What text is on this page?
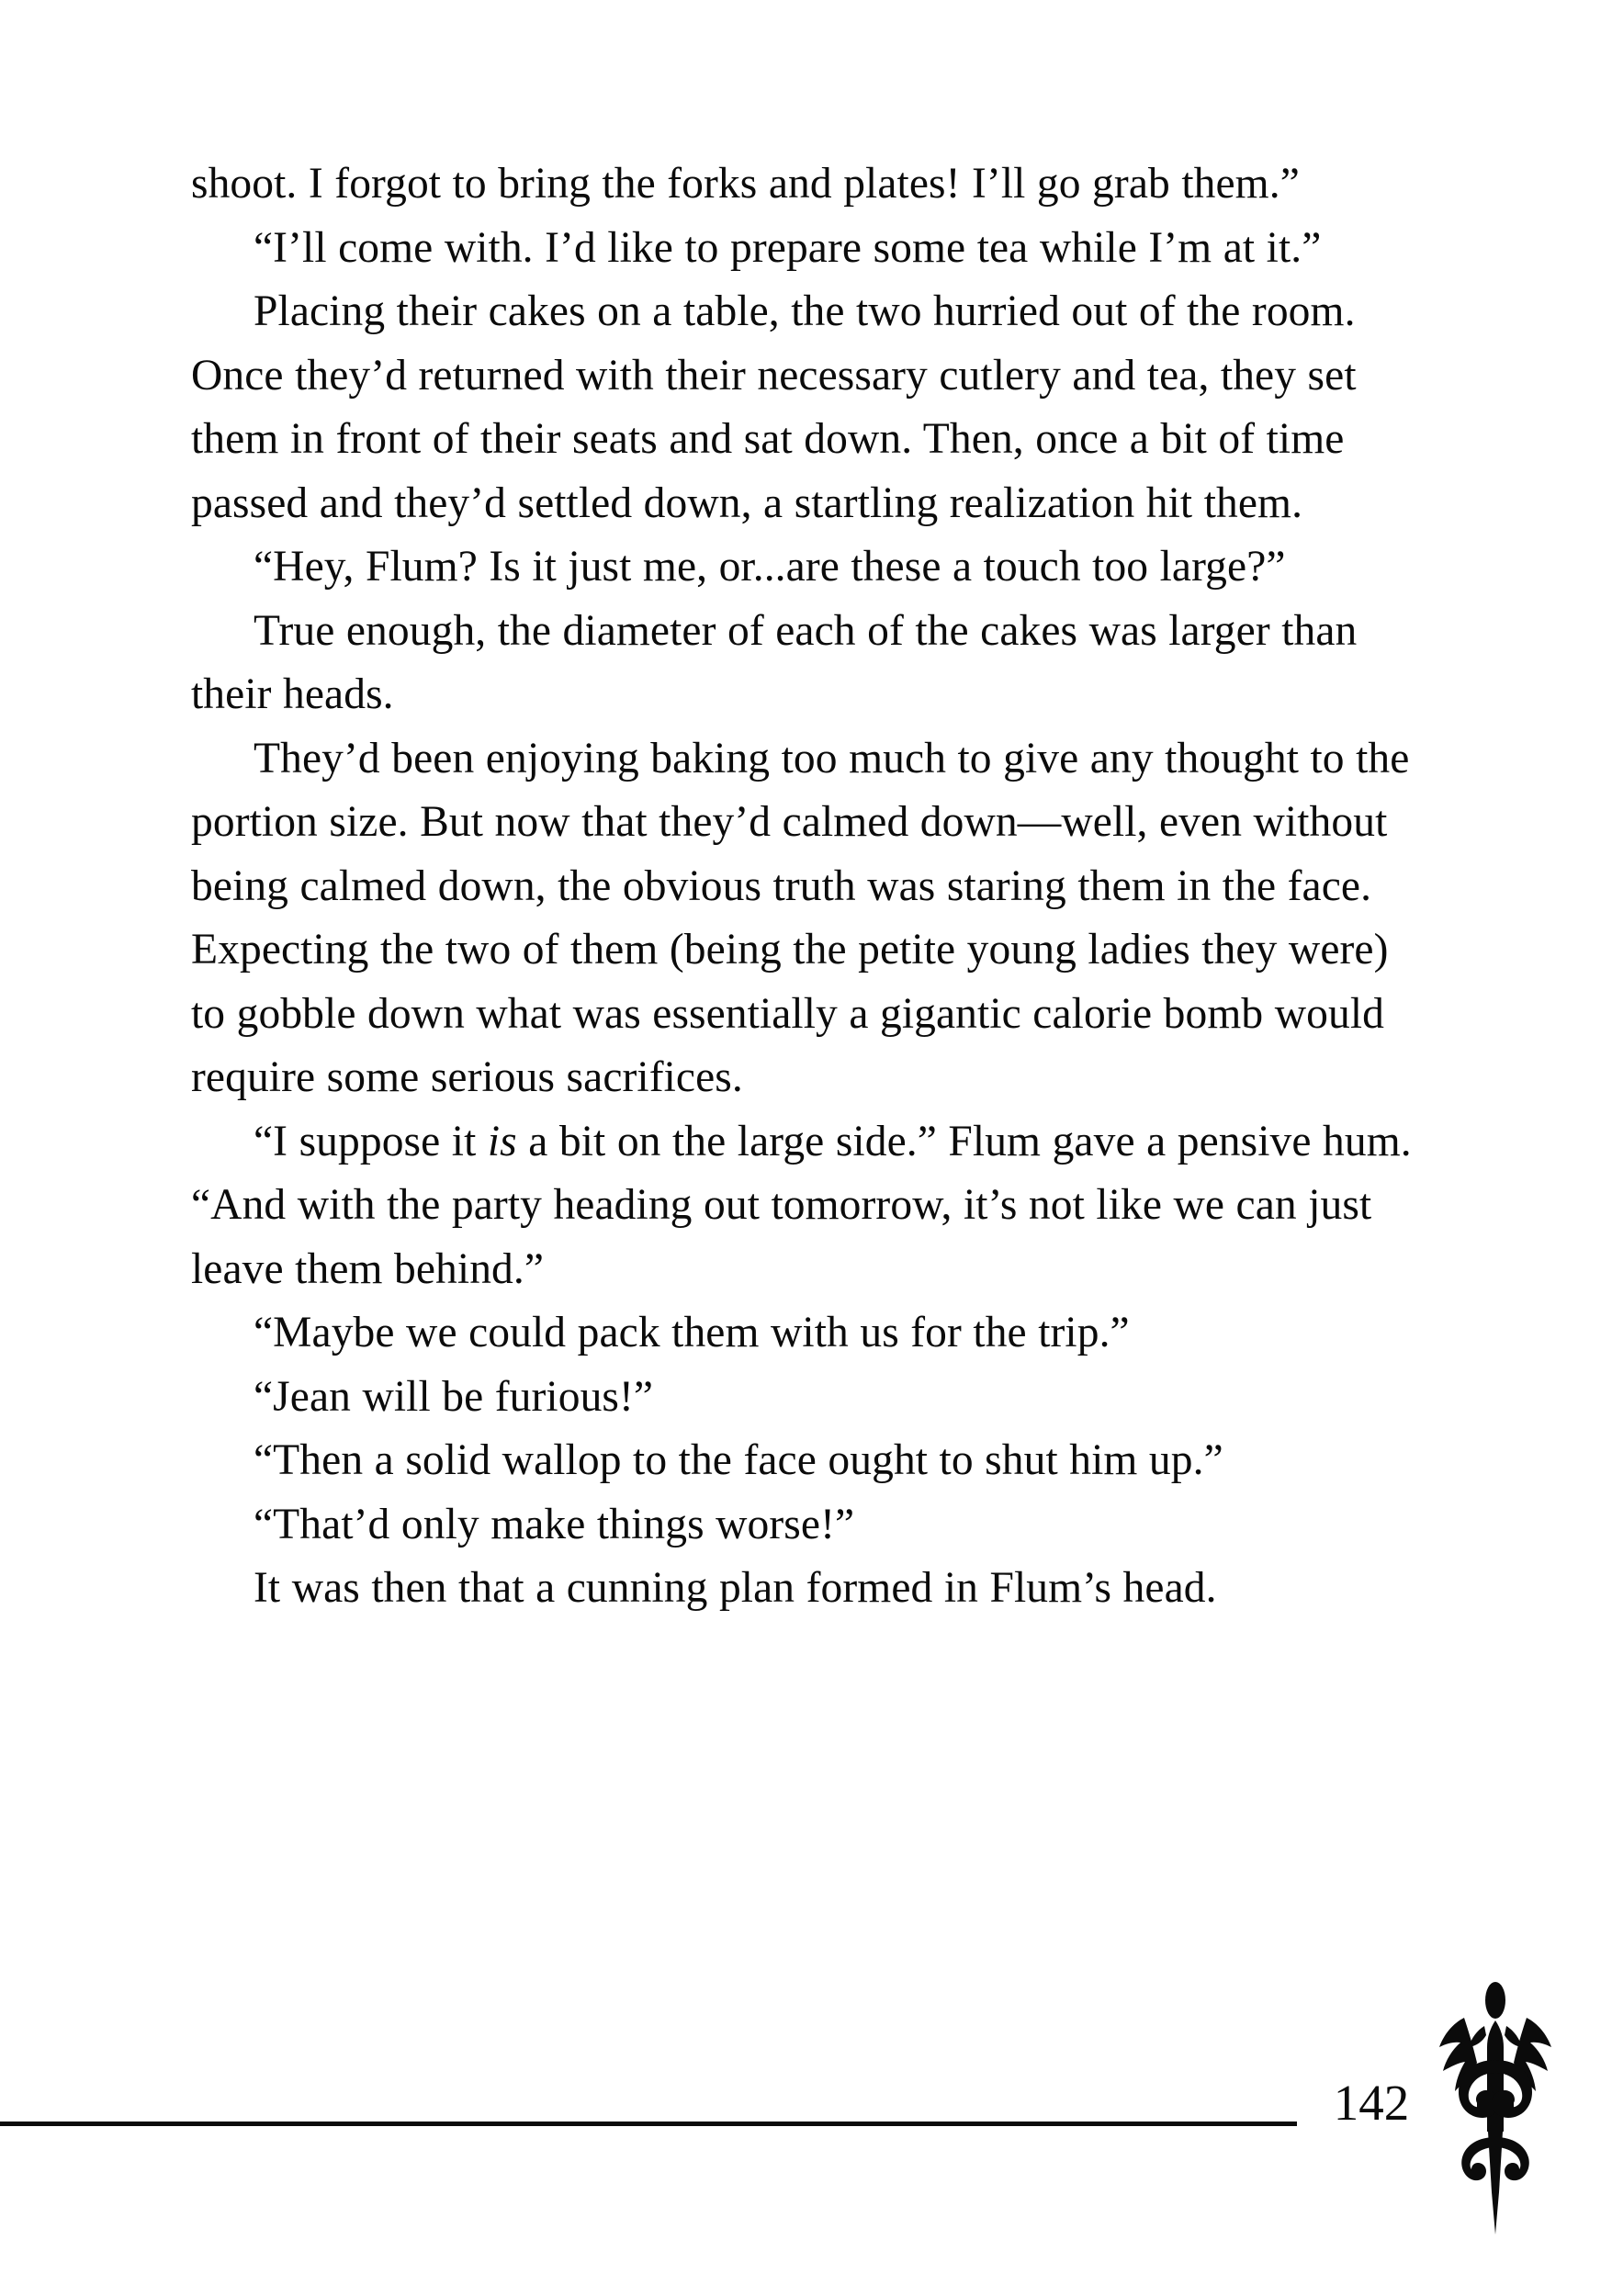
shoot. I forgot to bring the forks and plates! I’ll go grab them.”

“I’ll come with. I’d like to prepare some tea while I’m at it.”

Placing their cakes on a table, the two hurried out of the room. Once they’d returned with their necessary cutlery and tea, they set them in front of their seats and sat down. Then, once a bit of time passed and they’d settled down, a startling realization hit them.

“Hey, Flum? Is it just me, or...are these a touch too large?”

True enough, the diameter of each of the cakes was larger than their heads.

They’d been enjoying baking too much to give any thought to the portion size. But now that they’d calmed down—well, even without being calmed down, the obvious truth was staring them in the face. Expecting the two of them (being the petite young ladies they were) to gobble down what was essentially a gigantic calorie bomb would require some serious sacrifices.

“I suppose it is a bit on the large side.” Flum gave a pensive hum. “And with the party heading out tomorrow, it’s not like we can just leave them behind.”

“Maybe we could pack them with us for the trip.”

“Jean will be furious!”

“Then a solid wallop to the face ought to shut him up.”

“That’d only make things worse!”

It was then that a cunning plan formed in Flum’s head.

142
